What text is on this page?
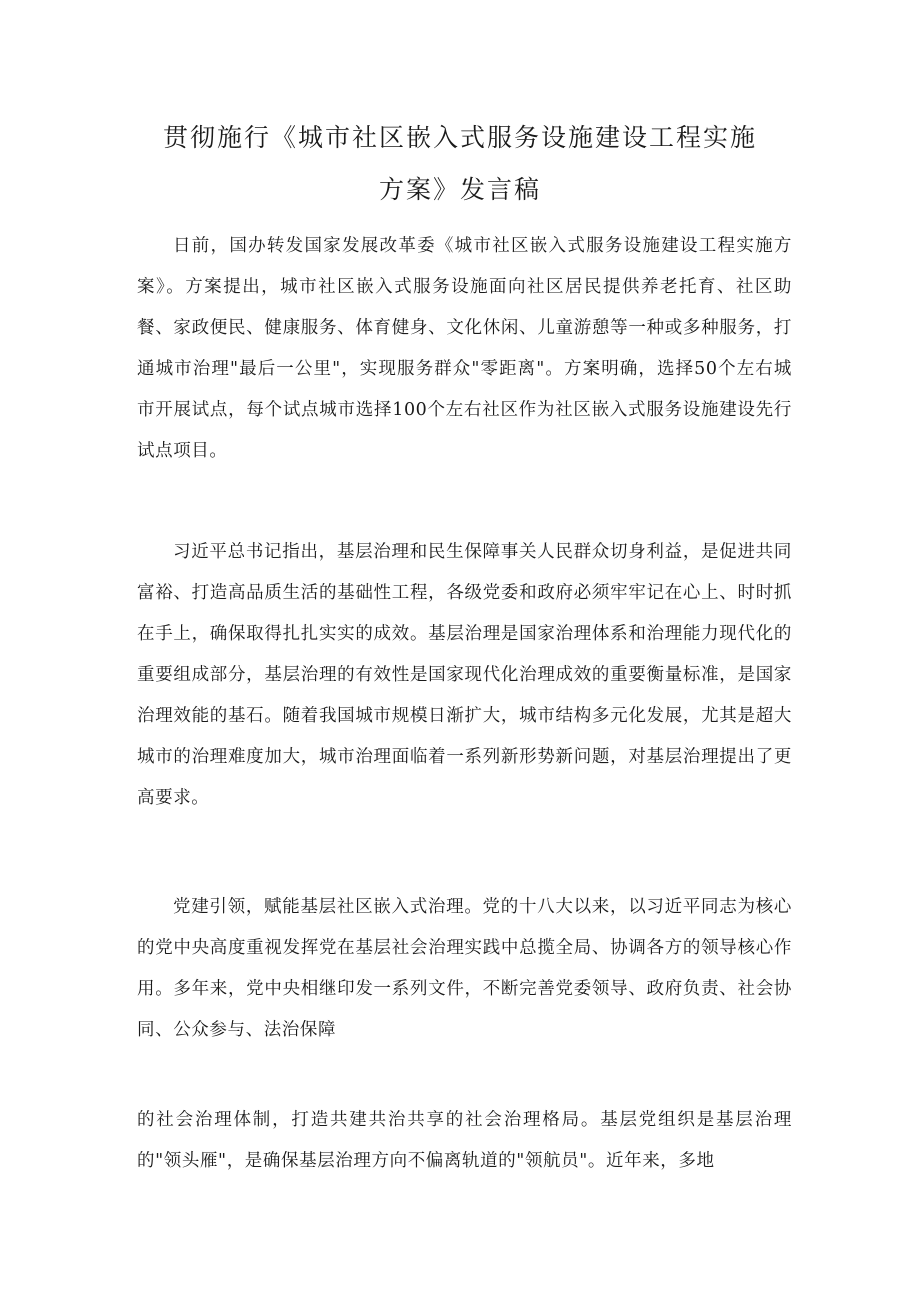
贯彻施行《城市社区嵌入式服务设施建设工程实施
方案》发言稿

日前，国办转发国家发展改革委《城市社区嵌入式服务设施建设工程实施方案》。方案提出，城市社区嵌入式服务设施面向社区居民提供养老托育、社区助餐、家政便民、健康服务、体育健身、文化休闲、儿童游憩等一种或多种服务，打通城市治理"最后一公里"，实现服务群众"零距离"。方案明确，选择50个左右城市开展试点，每个试点城市选择100个左右社区作为社区嵌入式服务设施建设先行试点项目。

习近平总书记指出，基层治理和民生保障事关人民群众切身利益，是促进共同富裕、打造高品质生活的基础性工程，各级党委和政府必须牢牢记在心上、时时抓在手上，确保取得扎扎实实的成效。基层治理是国家治理体系和治理能力现代化的重要组成部分，基层治理的有效性是国家现代化治理成效的重要衡量标准，是国家治理效能的基石。随着我国城市规模日渐扩大，城市结构多元化发展，尤其是超大城市的治理难度加大，城市治理面临着一系列新形势新问题，对基层治理提出了更高要求。

党建引领，赋能基层社区嵌入式治理。党的十八大以来，以习近平同志为核心的党中央高度重视发挥党在基层社会治理实践中总揽全局、协调各方的领导核心作用。多年来，党中央相继印发一系列文件，不断完善党委领导、政府负责、社会协同、公众参与、法治保障

的社会治理体制，打造共建共治共享的社会治理格局。基层党组织是基层治理的"领头雁"，是确保基层治理方向不偏离轨道的"领航员"。近年来，多地
